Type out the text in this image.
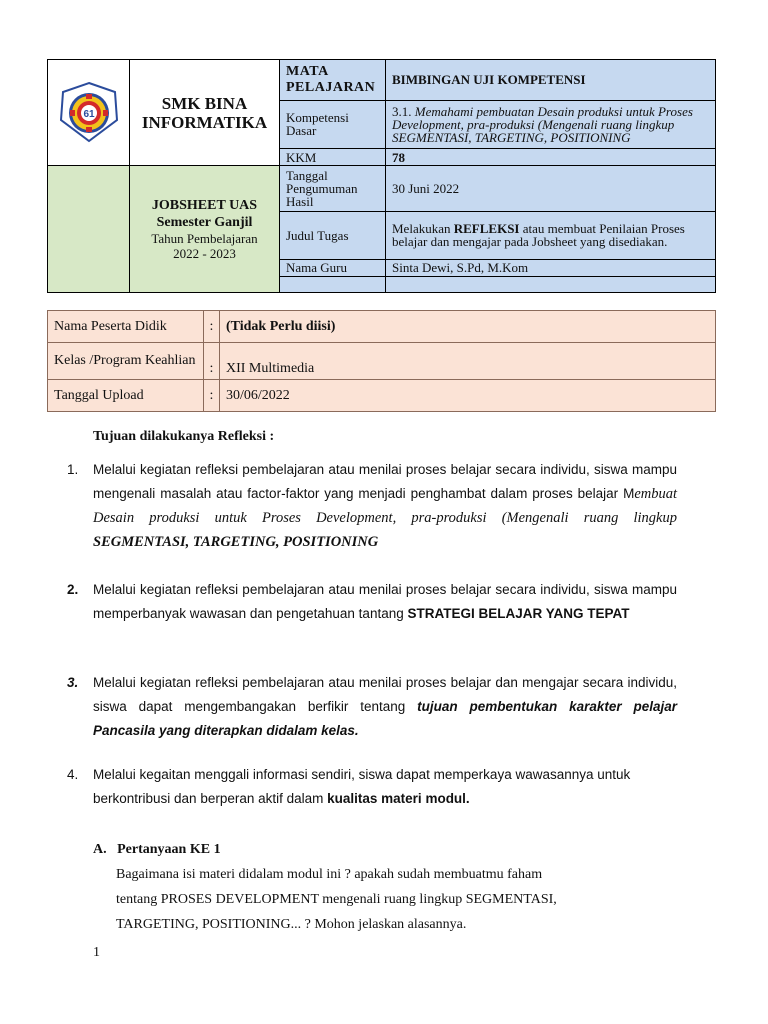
61	SMK BINA INFORMATIKA	MATA PELAJARAN	BIMBINGAN UJI KOMPETENSI
		Kompetensi Dasar	3.1. Memahami pembuatan Desain produksi untuk Proses Development, pra-produksi (Mengenali ruang lingkup SEGMENTASI, TARGETING, POSITIONING
		KKM	78

	JOBSHEET UAS
Semester Ganjil
Tahun Pembelajaran
2022 - 2023	Tanggal Pengumuman Hasil	30 Juni 2022
		Judul Tugas	Melakukan REFLEKSI atau membuat Penilaian Proses belajar dan mengajar pada Jobsheet yang disediakan.
		Nama Guru	Sinta Dewi, S.Pd, M.Kom

Nama Peserta Didik	:	(Tidak Perlu diisi)
Kelas /Program Keahlian	:	XII Multimedia
Tanggal Upload	:	30/06/2022
Tujuan dilakukanya Refleksi :
1.	Melalui kegiatan refleksi pembelajaran atau menilai proses belajar secara individu, siswa mampu mengenali masalah atau factor-faktor yang menjadi penghambat dalam proses belajar Membuat Desain produksi untuk Proses Development, pra-produksi (Mengenali ruang lingkup SEGMENTASI, TARGETING, POSITIONING
2.	Melalui kegiatan refleksi pembelajaran atau menilai proses belajar secara individu, siswa mampu memperbanyak wawasan dan pengetahuan tantang STRATEGI BELAJAR YANG TEPAT
3.	Melalui kegiatan refleksi pembelajaran atau menilai proses belajar dan mengajar secara individu, siswa dapat mengembangakan berfikir tentang tujuan pembentukan karakter pelajar Pancasila yang diterapkan didalam kelas.
4.	Melalui kegaitan menggali informasi sendiri, siswa dapat memperkaya wawasannya untuk berkontribusi dan berperan aktif dalam kualitas materi modul.
A. Pertanyaan KE 1
Bagaimana isi materi didalam modul ini ? apakah sudah membuatmu faham
tentang PROSES DEVELOPMENT mengenali ruang lingkup SEGMENTASI,
TARGETING, POSITIONING... ? Mohon jelaskan alasannya.
1
